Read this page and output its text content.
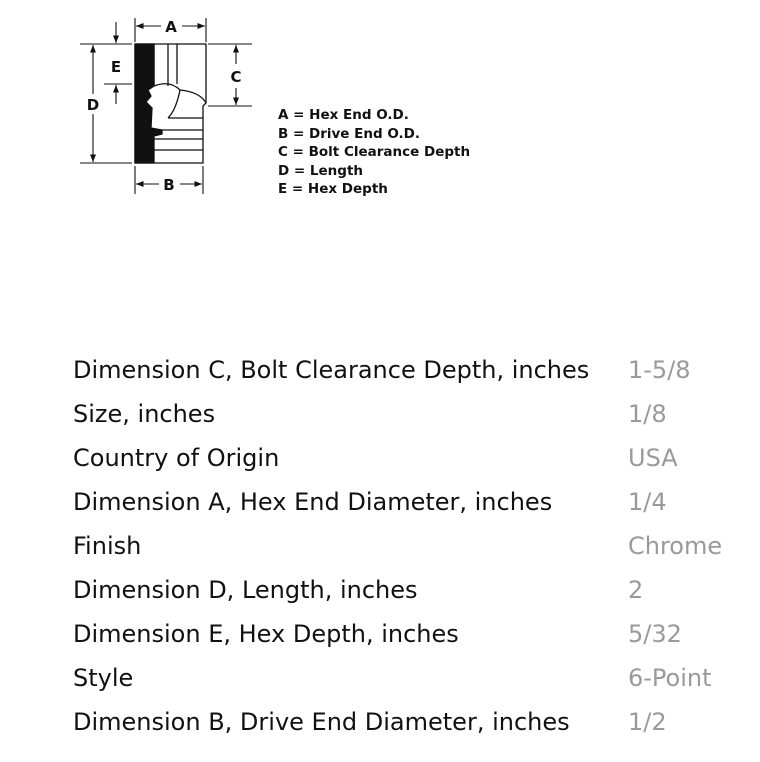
A
B
C
D
E
A = Hex End O.D.
B = Drive End O.D.
C = Bolt Clearance Depth
D = Length
E = Hex Depth
Dimension C, Bolt Clearance Depth, inches	1-5/8
Size, inches	1/8
Country of Origin	USA
Dimension A, Hex End Diameter, inches	1/4
Finish	Chrome
Dimension D, Length, inches	2
Dimension E, Hex Depth, inches	5/32
Style	6-Point
Dimension B, Drive End Diameter, inches	1/2
